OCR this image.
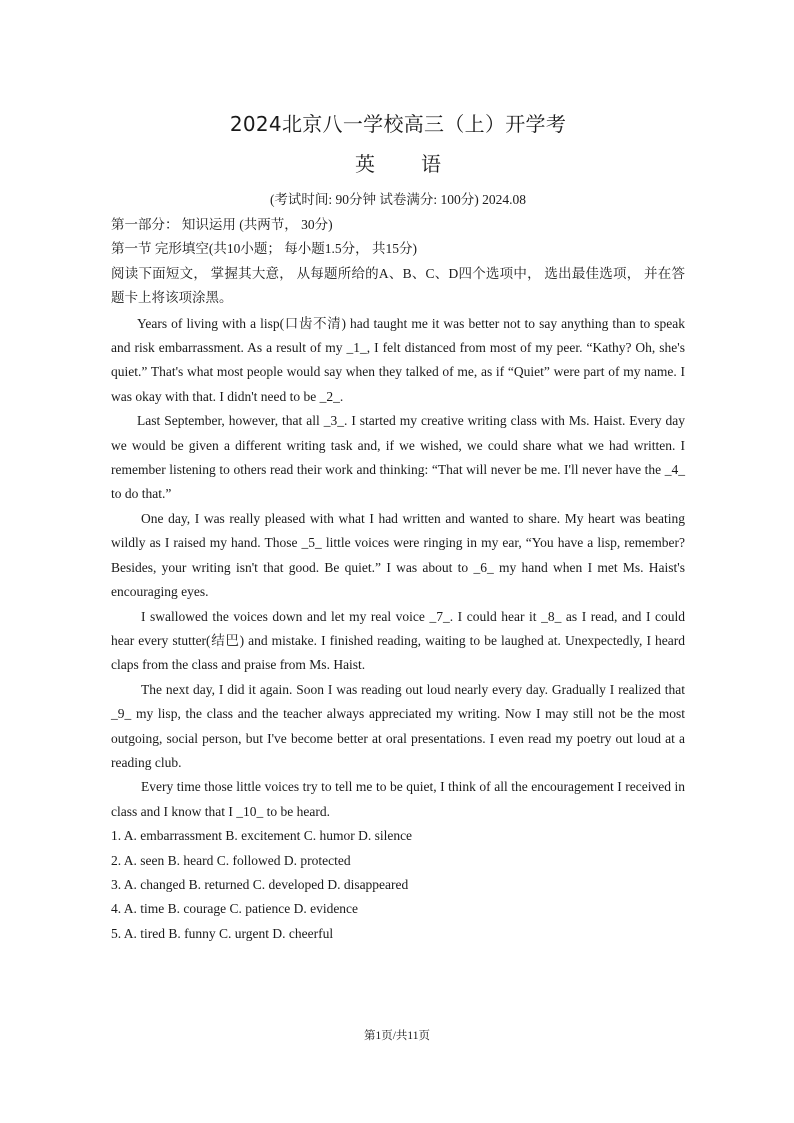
2024北京八一学校高三（上）开学考
英 语
(考试时间: 90分钟 试卷满分: 100分) 2024.08

第一部分： 知识运用 (共两节， 30分)

第一节 完形填空(共10小题； 每小题1.5分， 共15分)

阅读下面短文， 掌握其大意， 从每题所给的A、B、C、D四个选项中， 选出最佳选项， 并在答题卡上将该项涂黑。

Years of living with a lisp(口齿不清) had taught me it was better not to say anything than to speak and risk embarrassment. As a result of my _1_, I felt distanced from most of my peer. “Kathy? Oh, she's quiet.” That's what most people would say when they talked of me, as if “Quiet” were part of my name. I was okay with that. I didn't need to be _2_.

Last September, however, that all _3_. I started my creative writing class with Ms. Haist. Every day we would be given a different writing task and, if we wished, we could share what we had written. I remember listening to others read their work and thinking: “That will never be me. I'll never have the _4_ to do that.”

One day, I was really pleased with what I had written and wanted to share. My heart was beating wildly as I raised my hand. Those _5_ little voices were ringing in my ear, “You have a lisp, remember? Besides, your writing isn't that good. Be quiet.” I was about to _6_ my hand when I met Ms. Haist's encouraging eyes.

I swallowed the voices down and let my real voice _7_. I could hear it _8_ as I read, and I could hear every stutter(结巴) and mistake. I finished reading, waiting to be laughed at. Unexpectedly, I heard claps from the class and praise from Ms. Haist.

The next day, I did it again. Soon I was reading out loud nearly every day. Gradually I realized that _9_ my lisp, the class and the teacher always appreciated my writing. Now I may still not be the most outgoing, social person, but I've become better at oral presentations. I even read my poetry out loud at a reading club.

Every time those little voices try to tell me to be quiet, I think of all the encouragement I received in class and I know that I _10_ to be heard.

1. A. embarrassment B. excitement C. humor D. silence

2. A. seen B. heard C. followed D. protected

3. A. changed B. returned C. developed D. disappeared

4. A. time B. courage C. patience D. evidence

5. A. tired B. funny C. urgent D. cheerful

第1页/共11页
